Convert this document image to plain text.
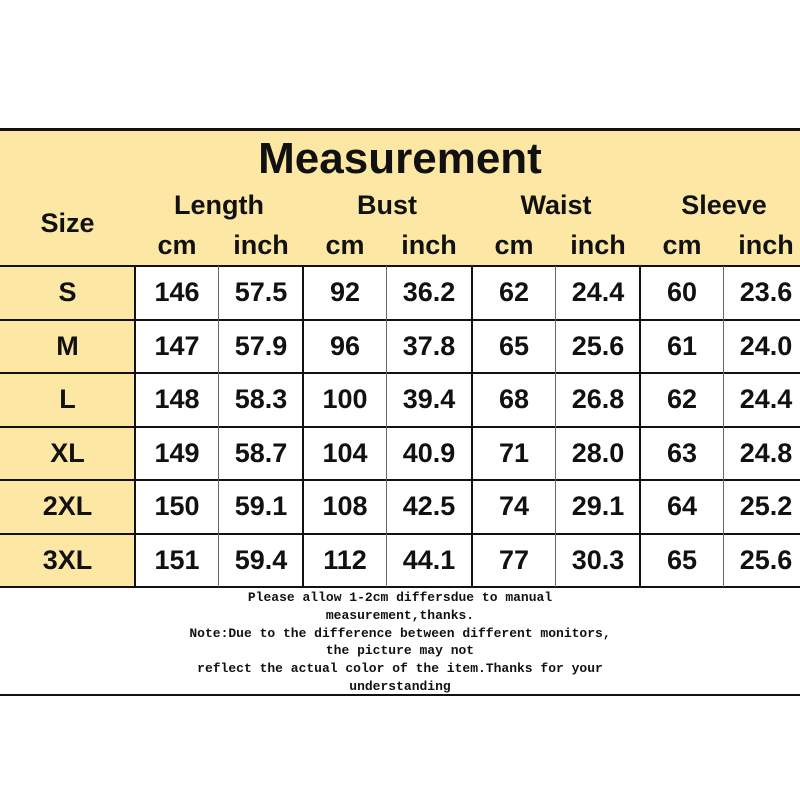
Measurement
Size
Length
cm	inch
Bust
cm	inch
Waist
cm	inch
Sleeve
cm	inch
S	146	57.5	92	36.2	62	24.4	60	23.6
M	147	57.9	96	37.8	65	25.6	61	24.0
L	148	58.3	100	39.4	68	26.8	62	24.4
XL	149	58.7	104	40.9	71	28.0	63	24.8
2XL	150	59.1	108	42.5	74	29.1	64	25.2
3XL	151	59.4	112	44.1	77	30.3	65	25.6
Please allow 1-2cm differsdue to manual
measurement,thanks.
Note:Due to the difference between different monitors,
the picture may not
reflect the actual color of the item.Thanks for your
understanding
